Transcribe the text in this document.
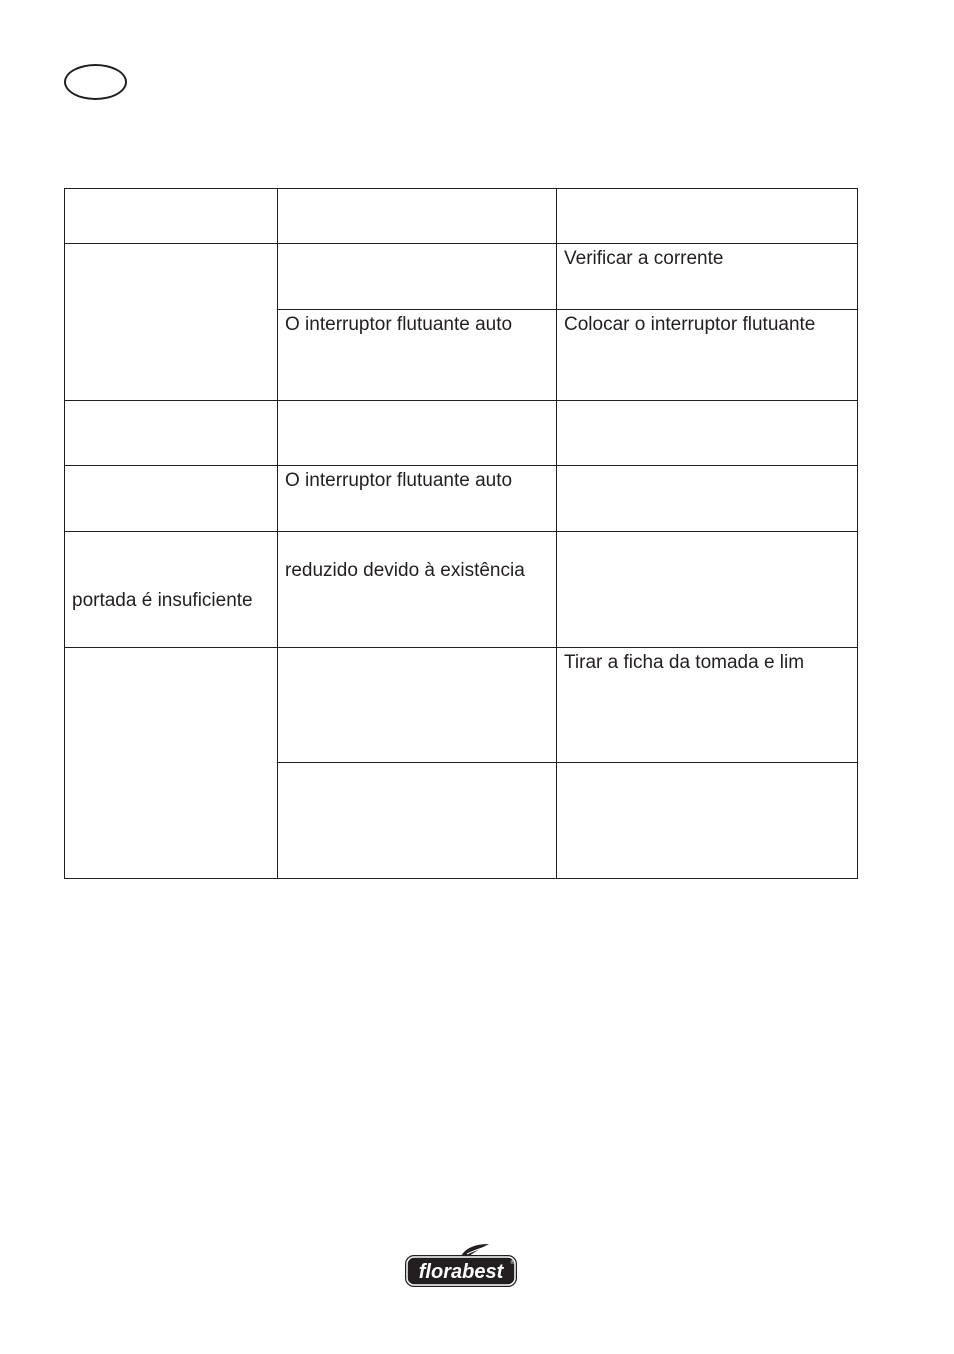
		Verificar a corrente

	O interruptor flutuante auto	Colocar o interruptor flutuante

	O interruptor flutuante auto	

portada é insuficiente	reduzido devido à existência	

		Tirar a ficha da tomada e lim

florabest ®
